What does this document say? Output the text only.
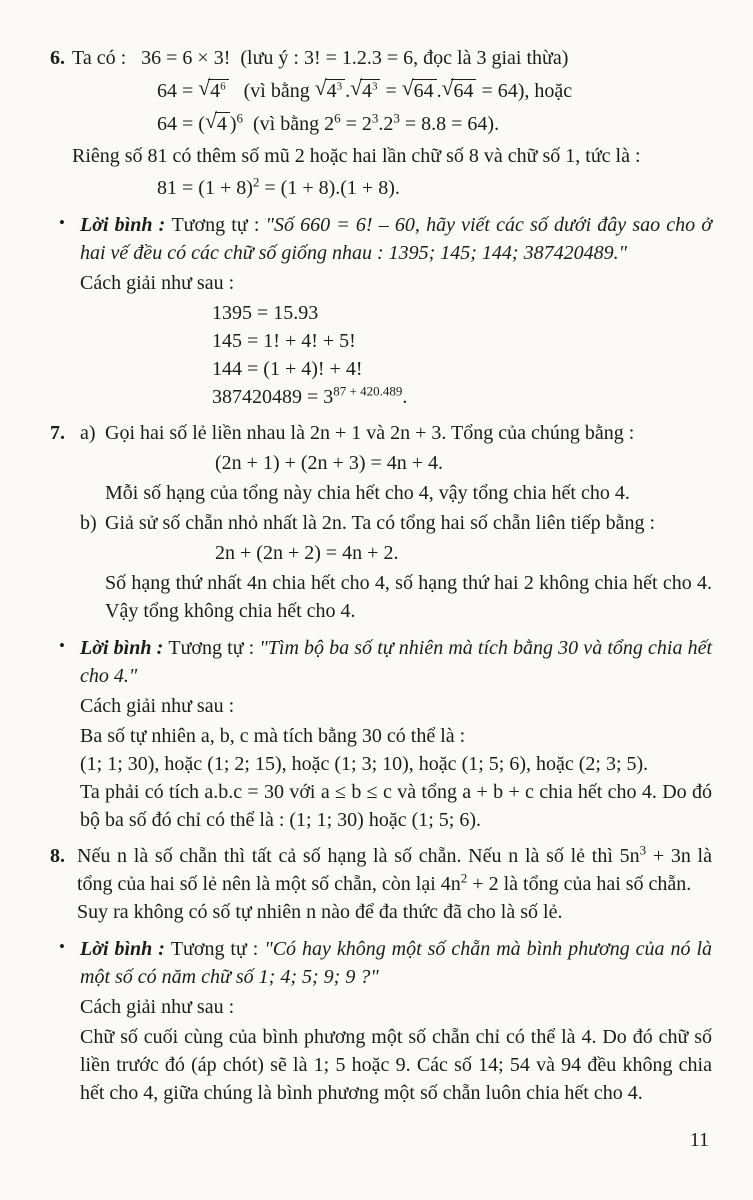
6. Ta có :   36 = 6 × 3!  (lưu ý : 3! = 1.2.3 = 6, đọc là 3 giai thừa)

$64 = √4^6$   (vì bằng $√4^3$ $.√4^3 = √64$ .√64 = 64), hoặc

64 = (√4 )$^6$  (vì bằng $2^6 = 2^3.2^3 = 8.8 = 64$).

Riêng số 81 có thêm số mũ 2 hoặc hai lần chữ số 8 và chữ số 1, tức là :

$81 = (1 + 8)^2 = (1 + 8).(1 + 8)$.

• Lời bình : Tương tự : "Số 660 = 6! – 60, hãy viết các số dưới đây sao cho ở hai vế đều có các chữ số giống nhau : 1395; 145; 144; 387420489."

Cách giải như sau :

1395 = 15.93

145 = 1! + 4! + 5!

144 = (1 + 4)! + 4!

$387420489 = 3^{87 + 420.489}$.

7. a) Gọi hai số lẻ liền nhau là 2n + 1 và 2n + 3. Tổng của chúng bằng :

(2n + 1) + (2n + 3) = 4n + 4.

Mỗi số hạng của tổng này chia hết cho 4, vậy tổng chia hết cho 4.

b) Giả sử số chẵn nhỏ nhất là 2n. Ta có tổng hai số chẵn liên tiếp bằng :

2n + (2n + 2) = 4n + 2.

Số hạng thứ nhất 4n chia hết cho 4, số hạng thứ hai 2 không chia hết cho 4. Vậy tổng không chia hết cho 4.

• Lời bình : Tương tự : "Tìm bộ ba số tự nhiên mà tích bằng 30 và tổng chia hết cho 4."

Cách giải như sau :

Ba số tự nhiên a, b, c mà tích bằng 30 có thể là :

(1; 1; 30), hoặc (1; 2; 15), hoặc (1; 3; 10), hoặc (1; 5; 6), hoặc (2; 3; 5).

Ta phải có tích a.b.c = 30 với a ≤ b ≤ c và tổng a + b + c chia hết cho 4. Do đó bộ ba số đó chỉ có thể là : (1; 1; 30) hoặc (1; 5; 6).

8. Nếu n là số chẵn thì tất cả số hạng là số chẵn. Nếu n là số lẻ thì $5n^3 + 3n$ là tổng của hai số lẻ nên là một số chẵn, còn lại $4n^2 + 2$ là tổng của hai số chẵn.

Suy ra không có số tự nhiên n nào để đa thức đã cho là số lẻ.

• Lời bình : Tương tự : "Có hay không một số chẵn mà bình phương của nó là một số có năm chữ số 1; 4; 5; 9; 9 ?"

Cách giải như sau :

Chữ số cuối cùng của bình phương một số chẵn chỉ có thể là 4. Do đó chữ số liền trước đó (áp chót) sẽ là 1; 5 hoặc 9. Các số 14; 54 và 94 đều không chia hết cho 4, giữa chúng là bình phương một số chẵn luôn chia hết cho 4.

11
